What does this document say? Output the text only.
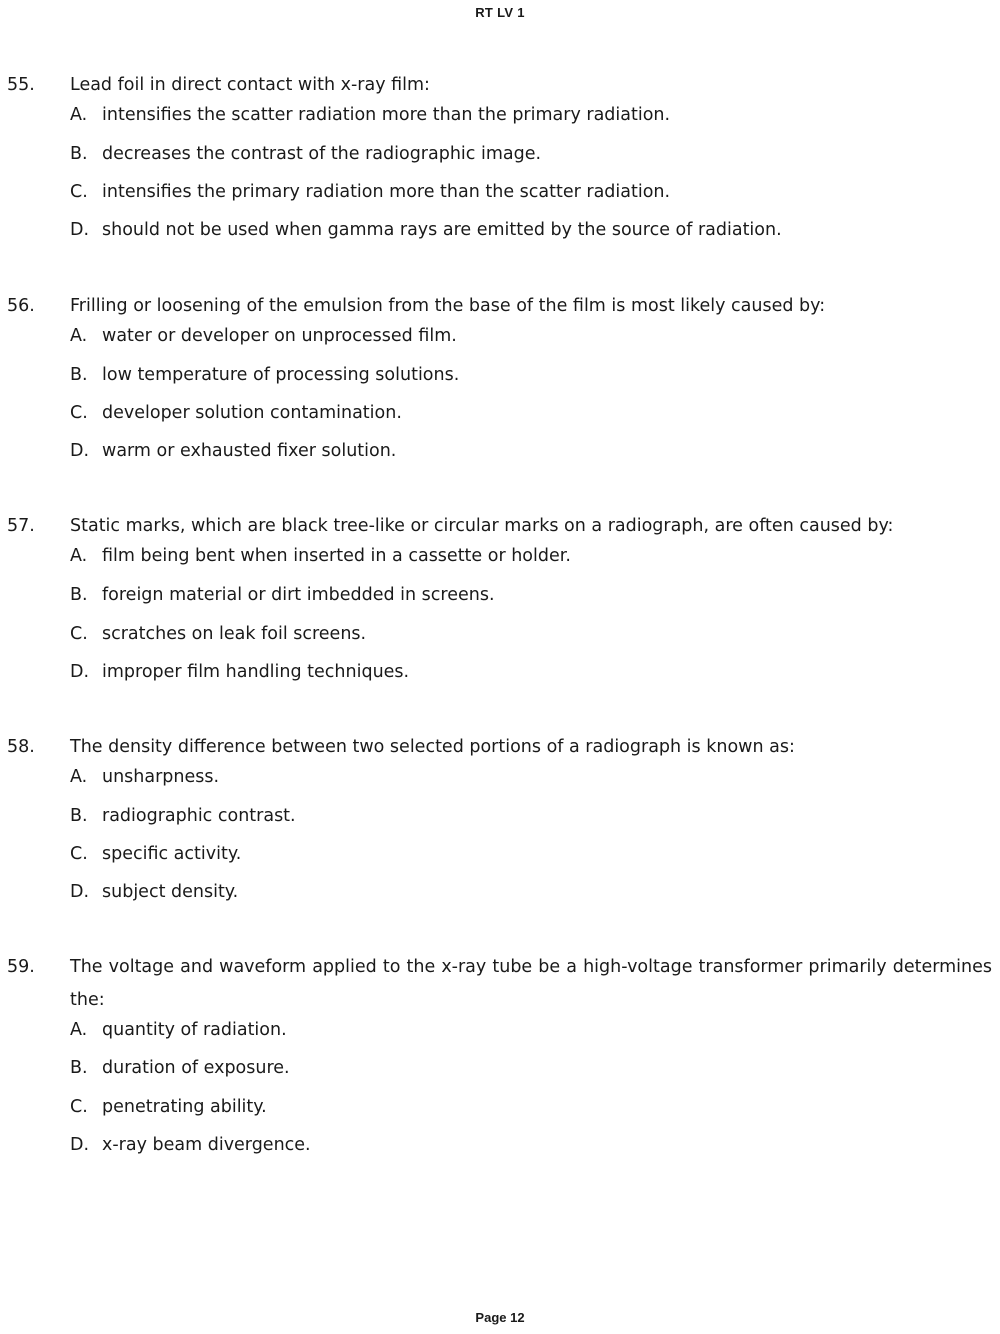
RT LV 1
55. Lead foil in direct contact with x-ray film:
A. intensifies the scatter radiation more than the primary radiation.
B. decreases the contrast of the radiographic image.
C. intensifies the primary radiation more than the scatter radiation.
D. should not be used when gamma rays are emitted by the source of radiation.
56. Frilling or loosening of the emulsion from the base of the film is most likely caused by:
A. water or developer on unprocessed film.
B. low temperature of processing solutions.
C. developer solution contamination.
D. warm or exhausted fixer solution.
57. Static marks, which are black tree-like or circular marks on a radiograph, are often caused by:
A. film being bent when inserted in a cassette or holder.
B. foreign material or dirt imbedded in screens.
C. scratches on leak foil screens.
D. improper film handling techniques.
58. The density difference between two selected portions of a radiograph is known as:
A. unsharpness.
B. radiographic contrast.
C. specific activity.
D. subject density.
59. The voltage and waveform applied to the x-ray tube be a high-voltage transformer primarily determines the:
A. quantity of radiation.
B. duration of exposure.
C. penetrating ability.
D. x-ray beam divergence.
Page 12
